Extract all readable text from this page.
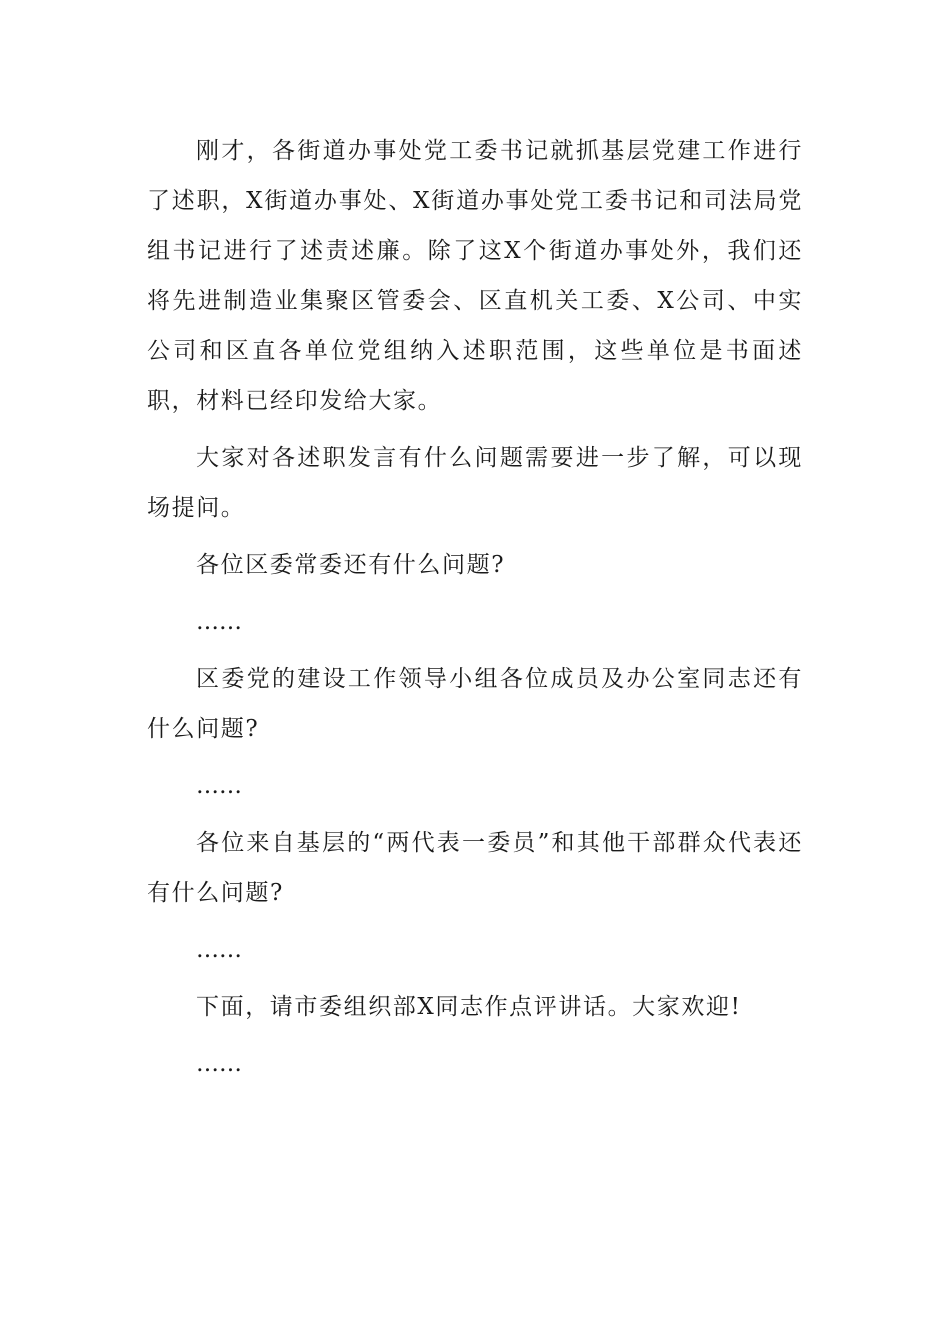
刚才，各街道办事处党工委书记就抓基层党建工作进行了述职，X街道办事处、X街道办事处党工委书记和司法局党组书记进行了述责述廉。除了这X个街道办事处外，我们还将先进制造业集聚区管委会、区直机关工委、X公司、中实公司和区直各单位党组纳入述职范围，这些单位是书面述职，材料已经印发给大家。

大家对各述职发言有什么问题需要进一步了解，可以现场提问。

各位区委常委还有什么问题?

……

区委党的建设工作领导小组各位成员及办公室同志还有什么问题?

……

各位来自基层的“两代表一委员”和其他干部群众代表还有什么问题?

……

下面，请市委组织部X同志作点评讲话。大家欢迎!

……
